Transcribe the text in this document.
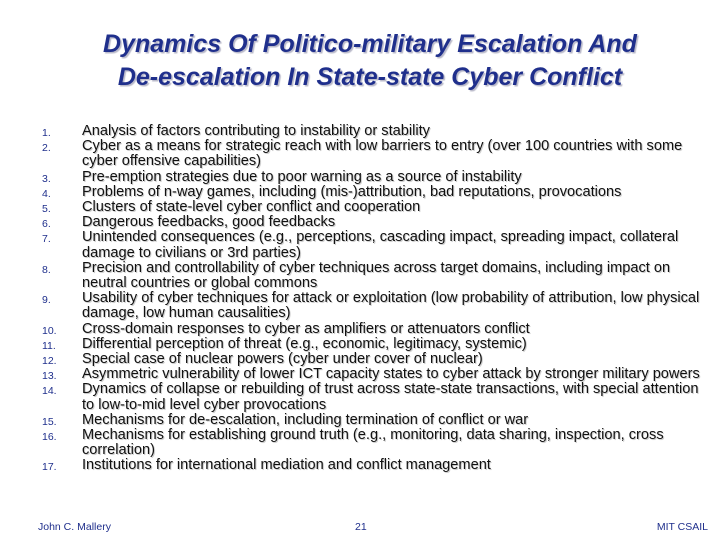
Dynamics Of Politico-military Escalation And
De-escalation In State-state Cyber Conflict
1.	Analysis of factors contributing to instability or stability
2.	Cyber as a means for strategic reach with low barriers to entry (over 100 countries with some cyber offensive capabilities)
3.	Pre-emption strategies due to poor warning as a source of instability
4.	Problems of n-way games, including (mis-)attribution, bad reputations, provocations
5.	Clusters of state-level cyber conflict and cooperation
6.	Dangerous feedbacks, good feedbacks
7.	Unintended consequences (e.g., perceptions, cascading impact, spreading impact, collateral damage to civilians or 3rd parties)
8.	Precision and controllability of cyber techniques across target domains, including impact on neutral countries or global commons
9.	Usability of cyber techniques for attack or exploitation (low probability of attribution, low physical damage, low human causalities)
10.	Cross-domain responses to cyber as amplifiers or attenuators conflict
11.	Differential perception of threat (e.g., economic, legitimacy, systemic)
12.	Special case of nuclear powers (cyber under cover of nuclear)
13.	Asymmetric vulnerability of lower ICT capacity states to cyber attack by stronger military powers
14.	Dynamics of collapse or rebuilding of trust across state-state transactions, with special attention to low-to-mid level cyber provocations
15.	Mechanisms for de-escalation, including termination of conflict or war
16.	Mechanisms for establishing ground truth (e.g., monitoring, data sharing, inspection, cross correlation)
17.	Institutions for international mediation and conflict management
John C. Mallery	21	MIT CSAIL
